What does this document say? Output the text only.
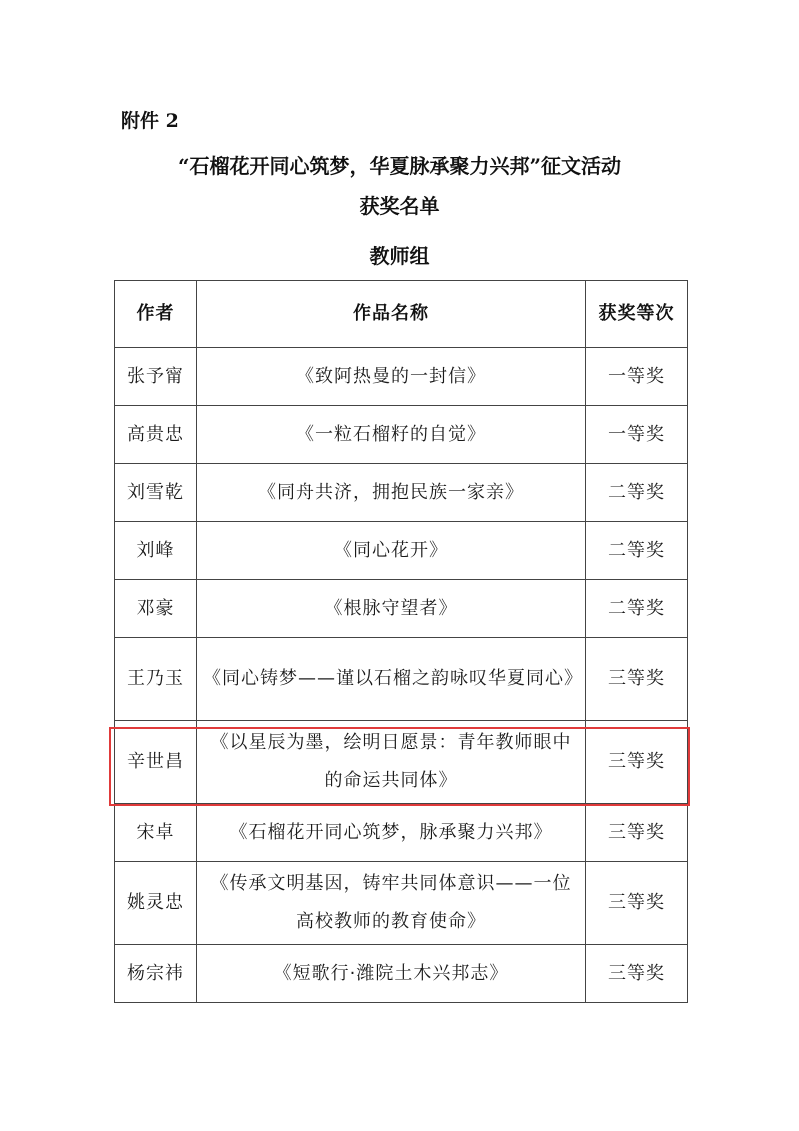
附件 2
“石榴花开同心筑梦，华夏脉承聚力兴邦”征文活动
获奖名单
教师组
作者	作品名称	获奖等次
张予甯	《致阿热曼的一封信》	一等奖
高贵忠	《一粒石榴籽的自觉》	一等奖
刘雪乾	《同舟共济，拥抱民族一家亲》	二等奖
刘峰	《同心花开》	二等奖
邓豪	《根脉守望者》	二等奖
王乃玉	《同心铸梦——谨以石榴之韵咏叹华夏同心》	三等奖
辛世昌	《以星辰为墨，绘明日愿景：青年教师眼中的命运共同体》	三等奖
宋卓	《石榴花开同心筑梦，脉承聚力兴邦》	三等奖
姚灵忠	《传承文明基因，铸牢共同体意识——一位高校教师的教育使命》	三等奖
杨宗祎	《短歌行·潍院土木兴邦志》	三等奖
